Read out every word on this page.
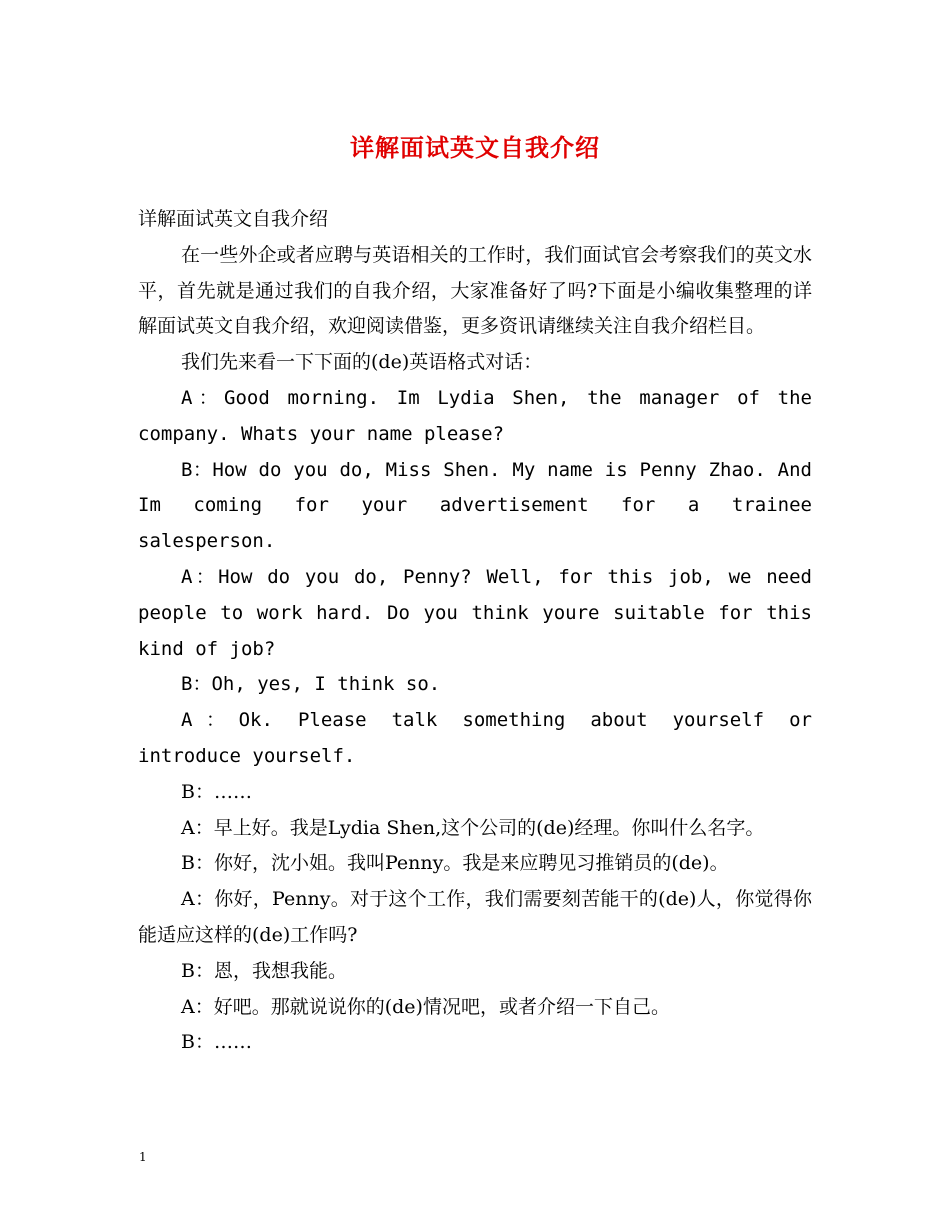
详解面试英文自我介绍

详解面试英文自我介绍

在一些外企或者应聘与英语相关的工作时，我们面试官会考察我们的英文水平，首先就是通过我们的自我介绍，大家准备好了吗?下面是小编收集整理的详解面试英文自我介绍，欢迎阅读借鉴，更多资讯请继续关注自我介绍栏目。

我们先来看一下下面的(de)英语格式对话：

A：Good morning. Im Lydia Shen, the manager of the company. Whats your name please?

B：How do you do, Miss Shen. My name is Penny Zhao. And Im coming for your advertisement for a trainee salesperson.

A：How do you do, Penny? Well, for this job, we need people to work hard. Do you think youre suitable for this kind of job?

B：Oh, yes, I think so.

A：Ok. Please talk something about yourself or introduce yourself.

B：……

A：早上好。我是Lydia Shen,这个公司的(de)经理。你叫什么名字。

B：你好，沈小姐。我叫Penny。我是来应聘见习推销员的(de)。

A：你好，Penny。对于这个工作，我们需要刻苦能干的(de)人，你觉得你能适应这样的(de)工作吗?

B：恩，我想我能。

A：好吧。那就说说你的(de)情况吧，或者介绍一下自己。

B：……

1
